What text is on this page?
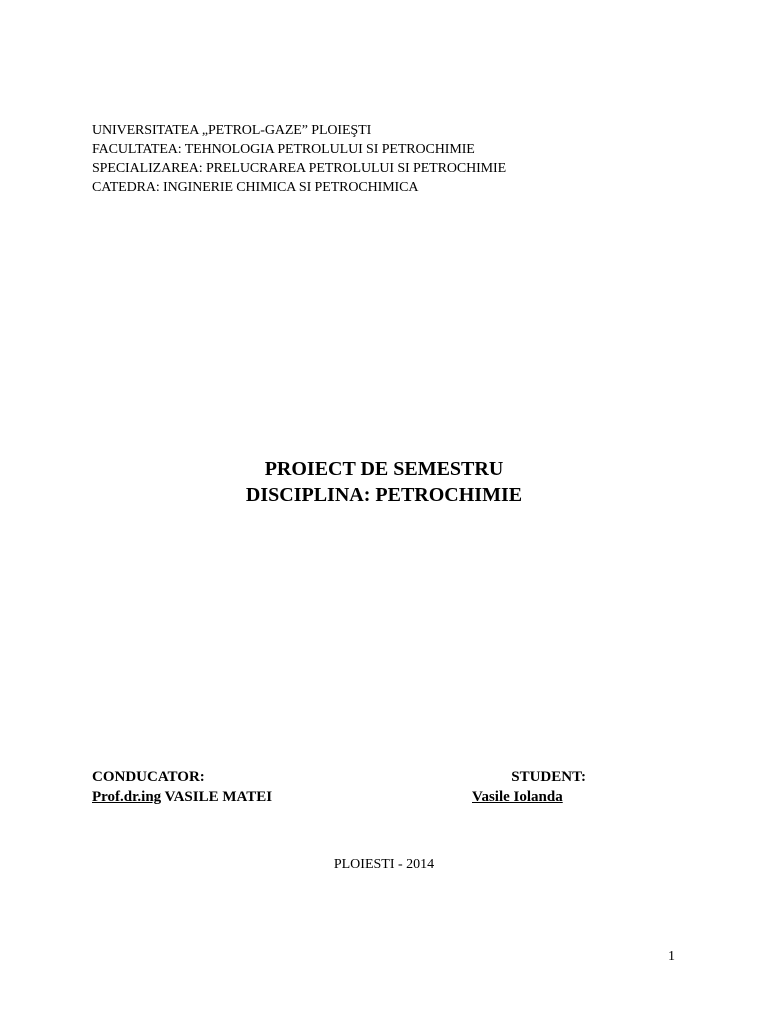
UNIVERSITATEA „PETROL-GAZE” PLOIEŞTI
FACULTATEA: TEHNOLOGIA PETROLULUI SI PETROCHIMIE
SPECIALIZAREA: PRELUCRAREA PETROLULUI SI PETROCHIMIE
CATEDRA: INGINERIE CHIMICA SI PETROCHIMICA
PROIECT DE SEMESTRU
DISCIPLINA: PETROCHIMIE
CONDUCATOR:
Prof.dr.ing VASILE MATEI
STUDENT:
Vasile Iolanda
PLOIESTI - 2014
1
